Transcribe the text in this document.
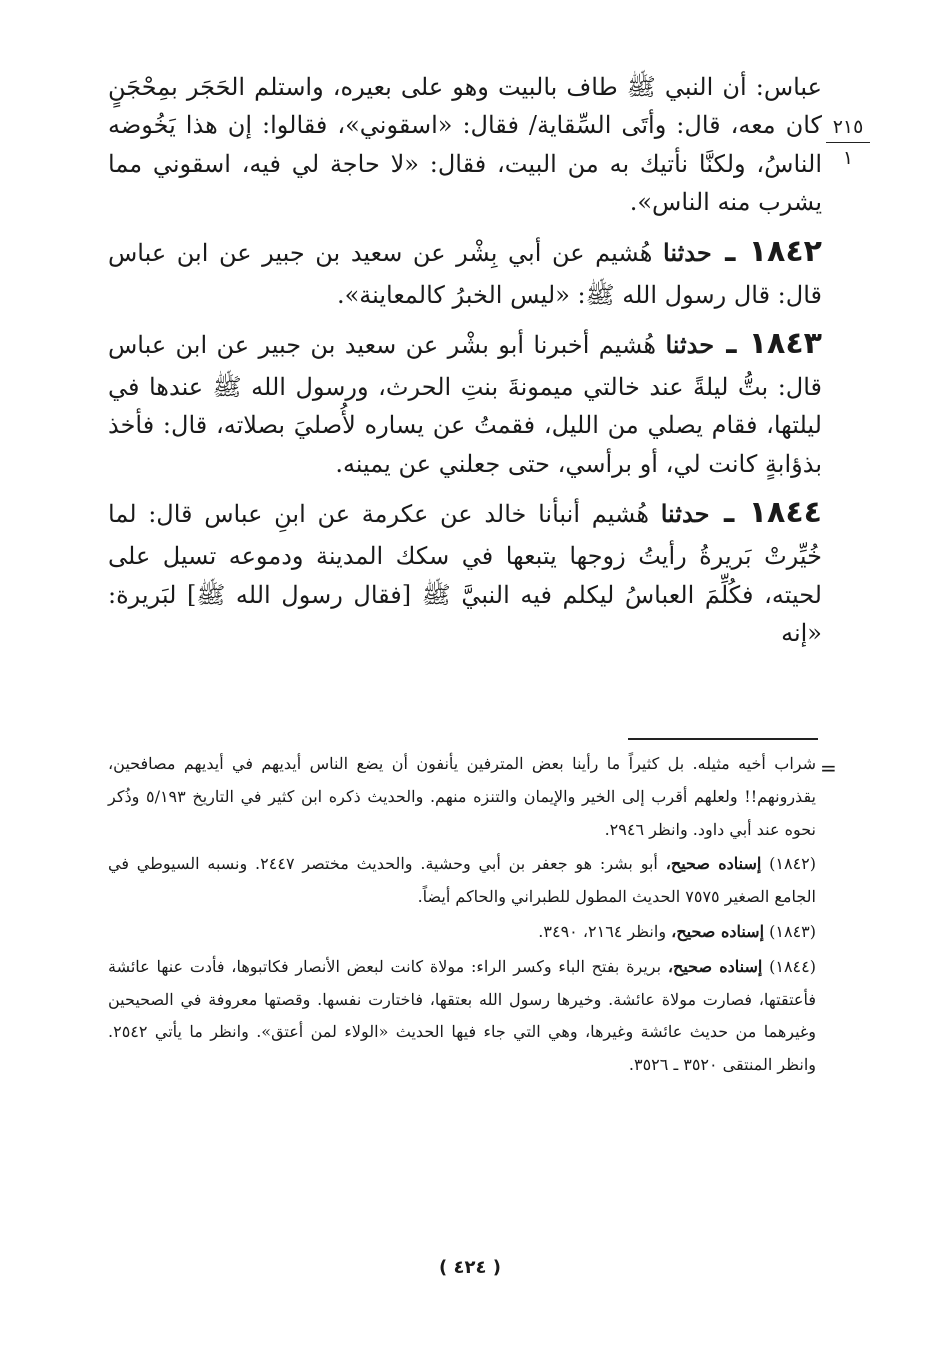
٢١٥
١

عباس: أن النبي ﷺ طاف بالبيت وهو على بعيره، واستلم الحَجَر بمِحْجَنٍ كان معه، قال: وأتَى السِّقاية/ فقال: «اسقوني»، فقالوا: إن هذا يَخُوضه الناسُ، ولكنَّا نأتيك به من البيت، فقال: «لا حاجة لي فيه، اسقوني مما يشرب منه الناس».

١٨٤٢ ـ حدثنا هُشيم عن أبي بِشْر عن سعيد بن جبير عن ابن عباس قال: قال رسول الله ﷺ: «ليس الخبرُ كالمعاينة».

١٨٤٣ ـ حدثنا هُشيم أخبرنا أبو بشْر عن سعيد بن جبير عن ابن عباس قال: بتُّ ليلةً عند خالتي ميمونةَ بنتِ الحرث، ورسول الله ﷺ عندها في ليلتها، فقام يصلي من الليل، فقمتُ عن يساره لأُصليَ بصلاته، قال: فأخذ بذؤابةٍ كانت لي، أو برأسي، حتى جعلني عن يمينه.

١٨٤٤ ـ حدثنا هُشيم أنبأنا خالد عن عكرمة عن ابنِ عباس قال: لما خُيِّرتْ بَريرةُ رأيتُ زوجها يتبعها في سكك المدينة ودموعه تسيل على لحيته، فكُلِّمَ العباسُ ليكلم فيه النبيَّ ﷺ [فقال رسول الله ﷺ] لبَريرة: «إنه

=

شراب أخيه مثيله. بل كثيراً ما رأينا بعض المترفين يأنفون أن يضع الناس أيديهم في أيديهم مصافحين، يقذرونهم!! ولعلهم أقرب إلى الخير والإيمان والتنزه منهم. والحديث ذكره ابن كثير في التاريخ ٥/١٩٣ وذُكر نحوه عند أبي داود. وانظر ٢٩٤٦.

(١٨٤٢) إسناده صحيح، أبو بشر: هو جعفر بن أبي وحشية. والحديث مختصر ٢٤٤٧. ونسبه السيوطي في الجامع الصغير ٧٥٧٥ الحديث المطول للطبراني والحاكم أيضاً.

(١٨٤٣) إسناده صحيح، وانظر ٢١٦٤، ٣٤٩٠.

(١٨٤٤) إسناده صحيح، بريرة بفتح الباء وكسر الراء: مولاة كانت لبعض الأنصار فكاتبوها، فأدت عنها عائشة فأعتقتها، فصارت مولاة عائشة. وخيرها رسول الله بعتقها، فاختارت نفسها. وقصتها معروفة في الصحيحين وغيرهما من حديث عائشة وغيرها، وهي التي جاء فيها الحديث «الولاء لمن أعتق». وانظر ما يأتي ٢٥٤٢. وانظر المنتقى ٣٥٢٠ ـ ٣٥٢٦.

( ٤٢٤ )
